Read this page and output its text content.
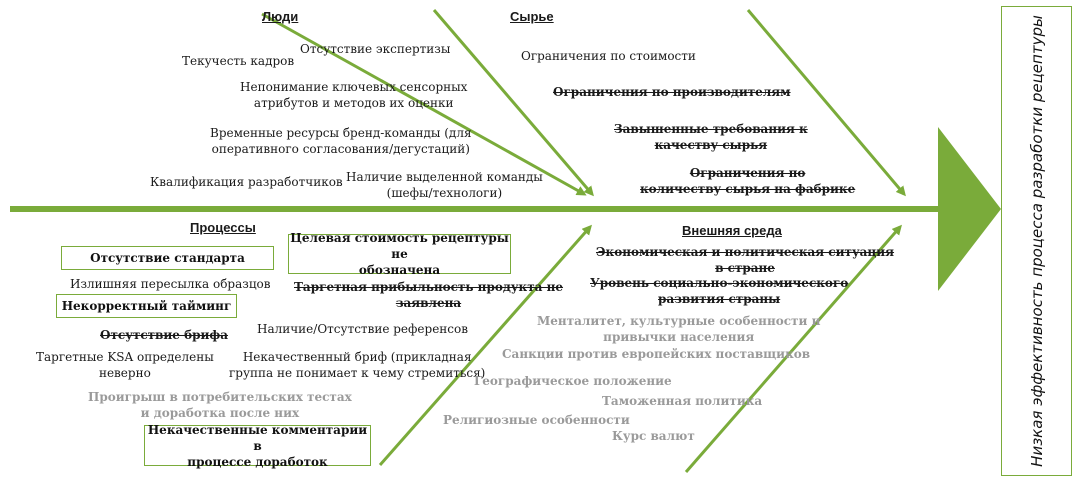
Люди	Сырье
Процессы	Внешняя среда
Отсутствие экспертизы
Текучесть кадров
Непонимание ключевых сенсорных
атрибутов и методов их оценки
Временные ресурсы бренд-команды (для
оперативного согласования/дегустаций)
Квалификация разработчиков Наличие выделенной команды
(шефы/технологи)
Ограничения по стоимости
Ограничения по производителям
Завышенные требования к
качеству сырья
Ограничения по
количеству сырья на фабрике
Отсутствие стандарта
Целевая стоимость рецептуры не
обозначена
Излишняя пересылка образцов Таргетная прибыльность продукта не
заявлена
Некорректный тайминг
Отсутствие брифа Наличие/Отсутствие референсов
Таргетные KSA определены
неверно
Некачественный бриф (прикладная
группа не понимает к чему стремиться)
Проигрыш в потребительских тестах
и доработка после них
Некачественные комментарии в
процессе доработок
Экономическая и политическая ситуация
в стране
Уровень социально-экономического
развития страны
Менталитет, культурные особенности и
привычки населения
Санкции против европейских поставщиков
Географическое положение
Таможенная политика
Религиозные особенности
Курс валют	Низкая эффективность процесса разработки рецептуры
